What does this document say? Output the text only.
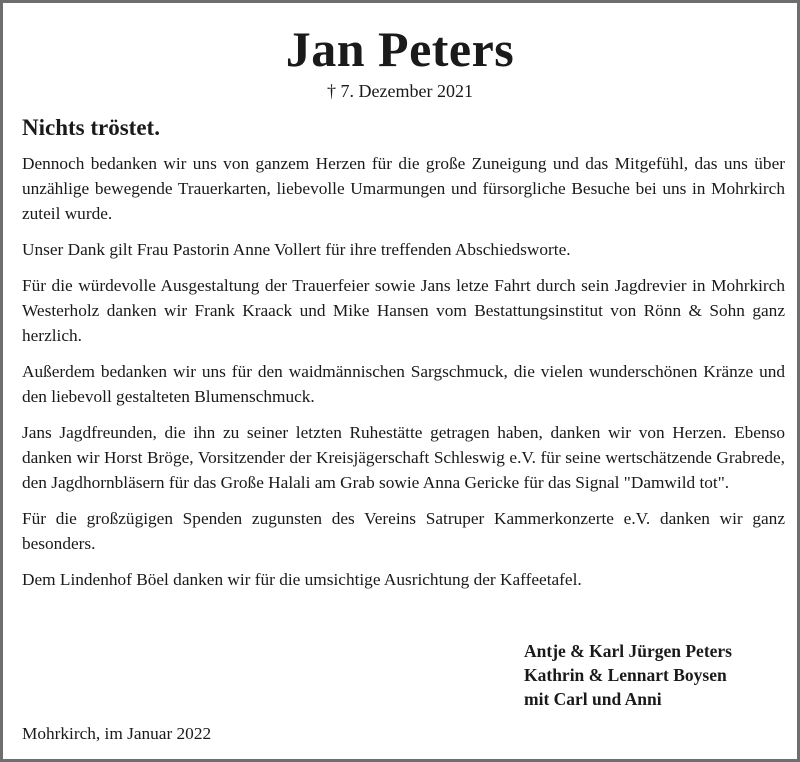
Jan Peters
† 7. Dezember 2021
Nichts tröstet.

Dennoch bedanken wir uns von ganzem Herzen für die große Zuneigung und das Mitgefühl, das uns über unzählige bewegende Trauerkarten, liebevolle Umarmungen und fürsorgliche Besuche bei uns in Mohrkirch zuteil wurde.

Unser Dank gilt Frau Pastorin Anne Vollert für ihre treffenden Abschiedsworte.

Für die würdevolle Ausgestaltung der Trauerfeier sowie Jans letze Fahrt durch sein Jagdrevier in Mohrkirch Westerholz danken wir Frank Kraack und Mike Hansen vom Bestattungsinstitut von Rönn & Sohn ganz herzlich.

Außerdem bedanken wir uns für den waidmännischen Sargschmuck, die vielen wunderschönen Kränze und den liebevoll gestalteten Blumenschmuck.

Jans Jagdfreunden, die ihn zu seiner letzten Ruhestätte getragen haben, danken wir von Herzen. Ebenso danken wir Horst Bröge, Vorsitzender der Kreisjägerschaft Schleswig e.V. für seine wertschätzende Grabrede, den Jagdhornbläsern für das Große Halali am Grab sowie Anna Gericke für das Signal "Damwild tot".

Für die großzügigen Spenden zugunsten des Vereins Satruper Kammerkonzerte e.V. danken wir ganz besonders.

Dem Lindenhof Böel danken wir für die umsichtige Ausrichtung der Kaffeetafel.

Antje & Karl Jürgen Peters
Kathrin & Lennart Boysen
mit Carl und Anni
Mohrkirch, im Januar 2022
